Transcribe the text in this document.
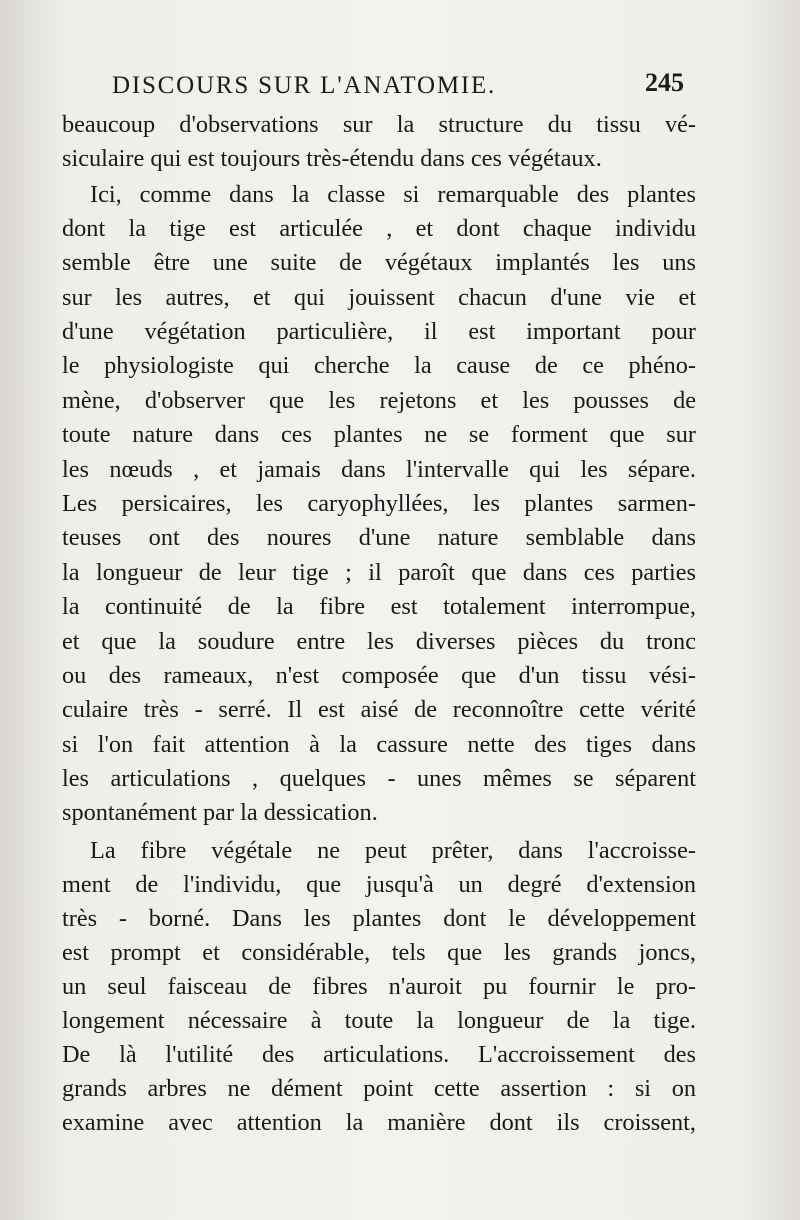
DISCOURS SUR L'ANATOMIE.	245
beaucoup d'observations sur la structure du tissu vé-
siculaire qui est toujours très-étendu dans ces végétaux.
Ici, comme dans la classe si remarquable des plantes
dont la tige est articulée , et dont chaque individu
semble être une suite de végétaux implantés les uns
sur les autres, et qui jouissent chacun d'une vie et
d'une végétation particulière, il est important pour
le physiologiste qui cherche la cause de ce phéno-
mène, d'observer que les rejetons et les pousses de
toute nature dans ces plantes ne se forment que sur
les nœuds , et jamais dans l'intervalle qui les sépare.
Les persicaires, les caryophyllées, les plantes sarmen-
teuses ont des noures d'une nature semblable dans
la longueur de leur tige ; il paroît que dans ces parties
la continuité de la fibre est totalement interrompue,
et que la soudure entre les diverses pièces du tronc
ou des rameaux, n'est composée que d'un tissu vési-
culaire très - serré. Il est aisé de reconnoître cette vérité
si l'on fait attention à la cassure nette des tiges dans
les articulations , quelques - unes mêmes se séparent
spontanément par la dessication.
La fibre végétale ne peut prêter, dans l'accroisse-
ment de l'individu, que jusqu'à un degré d'extension
très - borné. Dans les plantes dont le développement
est prompt et considérable, tels que les grands joncs,
un seul faisceau de fibres n'auroit pu fournir le pro-
longement nécessaire à toute la longueur de la tige.
De là l'utilité des articulations. L'accroissement des
grands arbres ne dément point cette assertion : si on
examine avec attention la manière dont ils croissent,
